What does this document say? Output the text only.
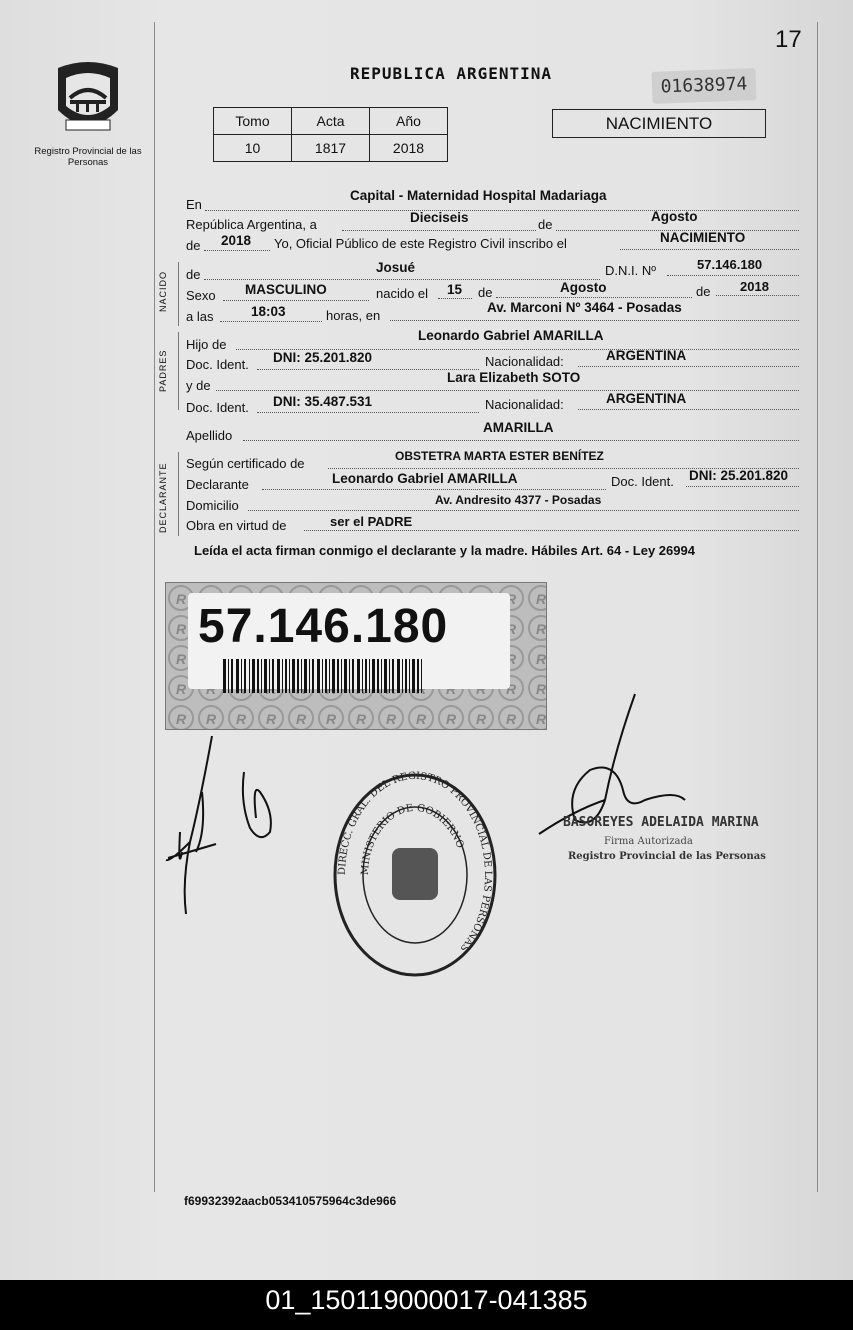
17
Registro Provincial de las Personas
REPUBLICA ARGENTINA	01638974
Tomo	Acta	Año
10	1817	2018
NACIMIENTO
En
Capital - Maternidad Hospital Madariaga
República Argentina, a	Dieciseis	de
Agosto
de 2018 Yo, Oficial Público de este Registro Civil inscribo el	NACIMIENTO
NACIDO de	Josué	D.N.I. Nº	57.146.180
Sexo MASCULINO	nacido el 15 de	Agosto	de 2018
a las	18:03	horas, en
Av. Marconi Nº 3464 - Posadas
PADRES
Hijo de
Leonardo Gabriel AMARILLA
Doc. Ident. DNI: 25.201.820	Nacionalidad:	ARGENTINA
y de
Lara Elizabeth SOTO
Doc. Ident. DNI: 35.487.531	Nacionalidad:	ARGENTINA
Apellido
AMARILLA
DECLARANTE Según certificado de	OBSTETRA MARTA ESTER BENÍTEZ
Declarante	Leonardo Gabriel AMARILLA	Doc. Ident. DNI: 25.201.820
Domicilio	Av. Andresito 4377 - Posadas
Obra en virtud de	ser el PADRE
Leída el acta firman conmigo el declarante y la madre. Hábiles Art. 64 - Ley 26994
57.146.180
DIRECC. GRAL. DEL REGISTRO PROVINCIAL DE LAS PERSONAS
MINISTERIO DE GOBIERNO
BASOREYES ADELAIDA MARINA
Firma Autorizada
Registro Provincial de las Personas
f69932392aacb053410575964c3de966
01_150119000017-041385
